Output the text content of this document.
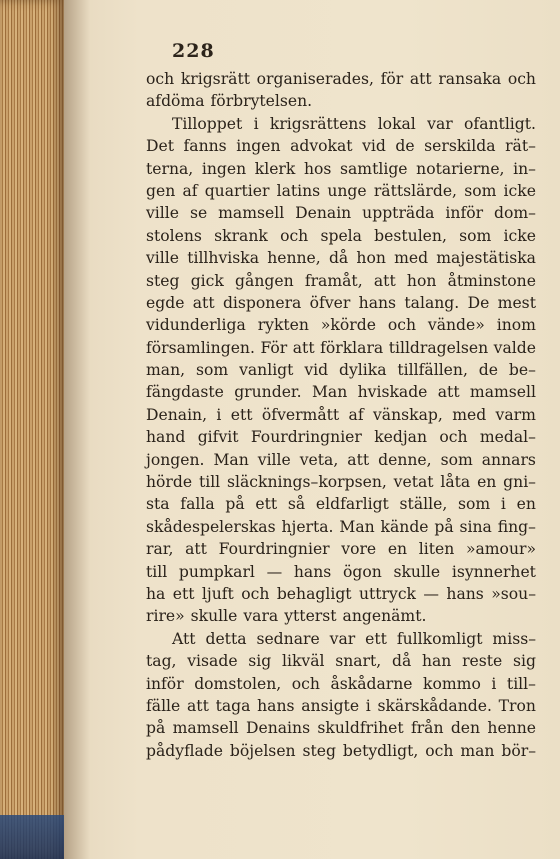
228
och krigsrätt organiserades, för att ransaka och
afdöma förbrytelsen.
Tilloppet i krigsrättens lokal var ofantligt.
Det fanns ingen advokat vid de serskilda rät–
terna, ingen klerk hos samtlige notarierne, in–
gen af quartier latins unge rättslärde, som icke
ville se mamsell Denain uppträda inför dom–
stolens skrank och spela bestulen, som icke
ville tillhviska henne, då hon med majestätiska
steg gick gången framåt, att hon åtminstone
egde att disponera öfver hans talang. De mest
vidunderliga rykten »körde och vände» inom
församlingen. För att förklara tilldragelsen valde
man, som vanligt vid dylika tillfällen, de be–
fängdaste grunder. Man hviskade att mamsell
Denain, i ett öfvermått af vänskap, med varm
hand gifvit Fourdringnier kedjan och medal–
jongen. Man ville veta, att denne, som annars
hörde till släcknings–korpsen, vetat låta en gni–
sta falla på ett så eldfarligt ställe, som i en
skådespelerskas hjerta. Man kände på sina fing–
rar, att Fourdringnier vore en liten »amour»
till pumpkarl — hans ögon skulle isynnerhet
ha ett ljuft och behagligt uttryck — hans »sou–
rire» skulle vara ytterst angenämt.
Att detta sednare var ett fullkomligt miss–
tag, visade sig likväl snart, då han reste sig
inför domstolen, och åskådarne kommo i till–
fälle att taga hans ansigte i skärskådande. Tron
på mamsell Denains skuldfrihet från den henne
pådyflade böjelsen steg betydligt, och man bör–
